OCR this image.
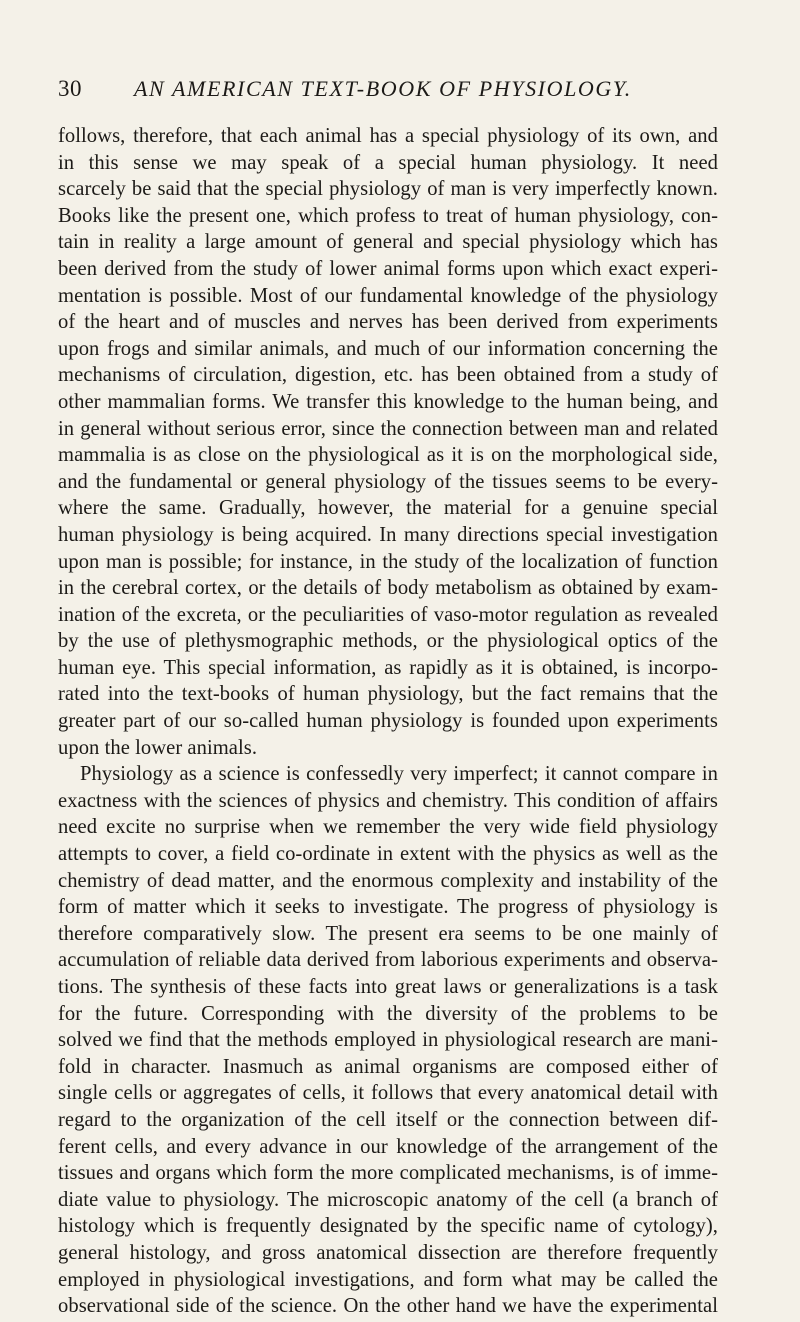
30 AN AMERICAN TEXT-BOOK OF PHYSIOLOGY.
follows, therefore, that each animal has a special physiology of its own, and
in this sense we may speak of a special human physiology. It need
scarcely be said that the special physiology of man is very imperfectly known.
Books like the present one, which profess to treat of human physiology, con-
tain in reality a large amount of general and special physiology which has
been derived from the study of lower animal forms upon which exact experi-
mentation is possible. Most of our fundamental knowledge of the physiology
of the heart and of muscles and nerves has been derived from experiments
upon frogs and similar animals, and much of our information concerning the
mechanisms of circulation, digestion, etc. has been obtained from a study of
other mammalian forms. We transfer this knowledge to the human being, and
in general without serious error, since the connection between man and related
mammalia is as close on the physiological as it is on the morphological side,
and the fundamental or general physiology of the tissues seems to be every-
where the same. Gradually, however, the material for a genuine special
human physiology is being acquired. In many directions special investigation
upon man is possible; for instance, in the study of the localization of function
in the cerebral cortex, or the details of body metabolism as obtained by exam-
ination of the excreta, or the peculiarities of vaso-motor regulation as revealed
by the use of plethysmographic methods, or the physiological optics of the
human eye. This special information, as rapidly as it is obtained, is incorpo-
rated into the text-books of human physiology, but the fact remains that the
greater part of our so-called human physiology is founded upon experiments
upon the lower animals.
Physiology as a science is confessedly very imperfect; it cannot compare in
exactness with the sciences of physics and chemistry. This condition of affairs
need excite no surprise when we remember the very wide field physiology
attempts to cover, a field co-ordinate in extent with the physics as well as the
chemistry of dead matter, and the enormous complexity and instability of the
form of matter which it seeks to investigate. The progress of physiology is
therefore comparatively slow. The present era seems to be one mainly of
accumulation of reliable data derived from laborious experiments and observa-
tions. The synthesis of these facts into great laws or generalizations is a task
for the future. Corresponding with the diversity of the problems to be
solved we find that the methods employed in physiological research are mani-
fold in character. Inasmuch as animal organisms are composed either of
single cells or aggregates of cells, it follows that every anatomical detail with
regard to the organization of the cell itself or the connection between dif-
ferent cells, and every advance in our knowledge of the arrangement of the
tissues and organs which form the more complicated mechanisms, is of imme-
diate value to physiology. The microscopic anatomy of the cell (a branch of
histology which is frequently designated by the specific name of cytology),
general histology, and gross anatomical dissection are therefore frequently
employed in physiological investigations, and form what may be called the
observational side of the science. On the other hand we have the experimental
